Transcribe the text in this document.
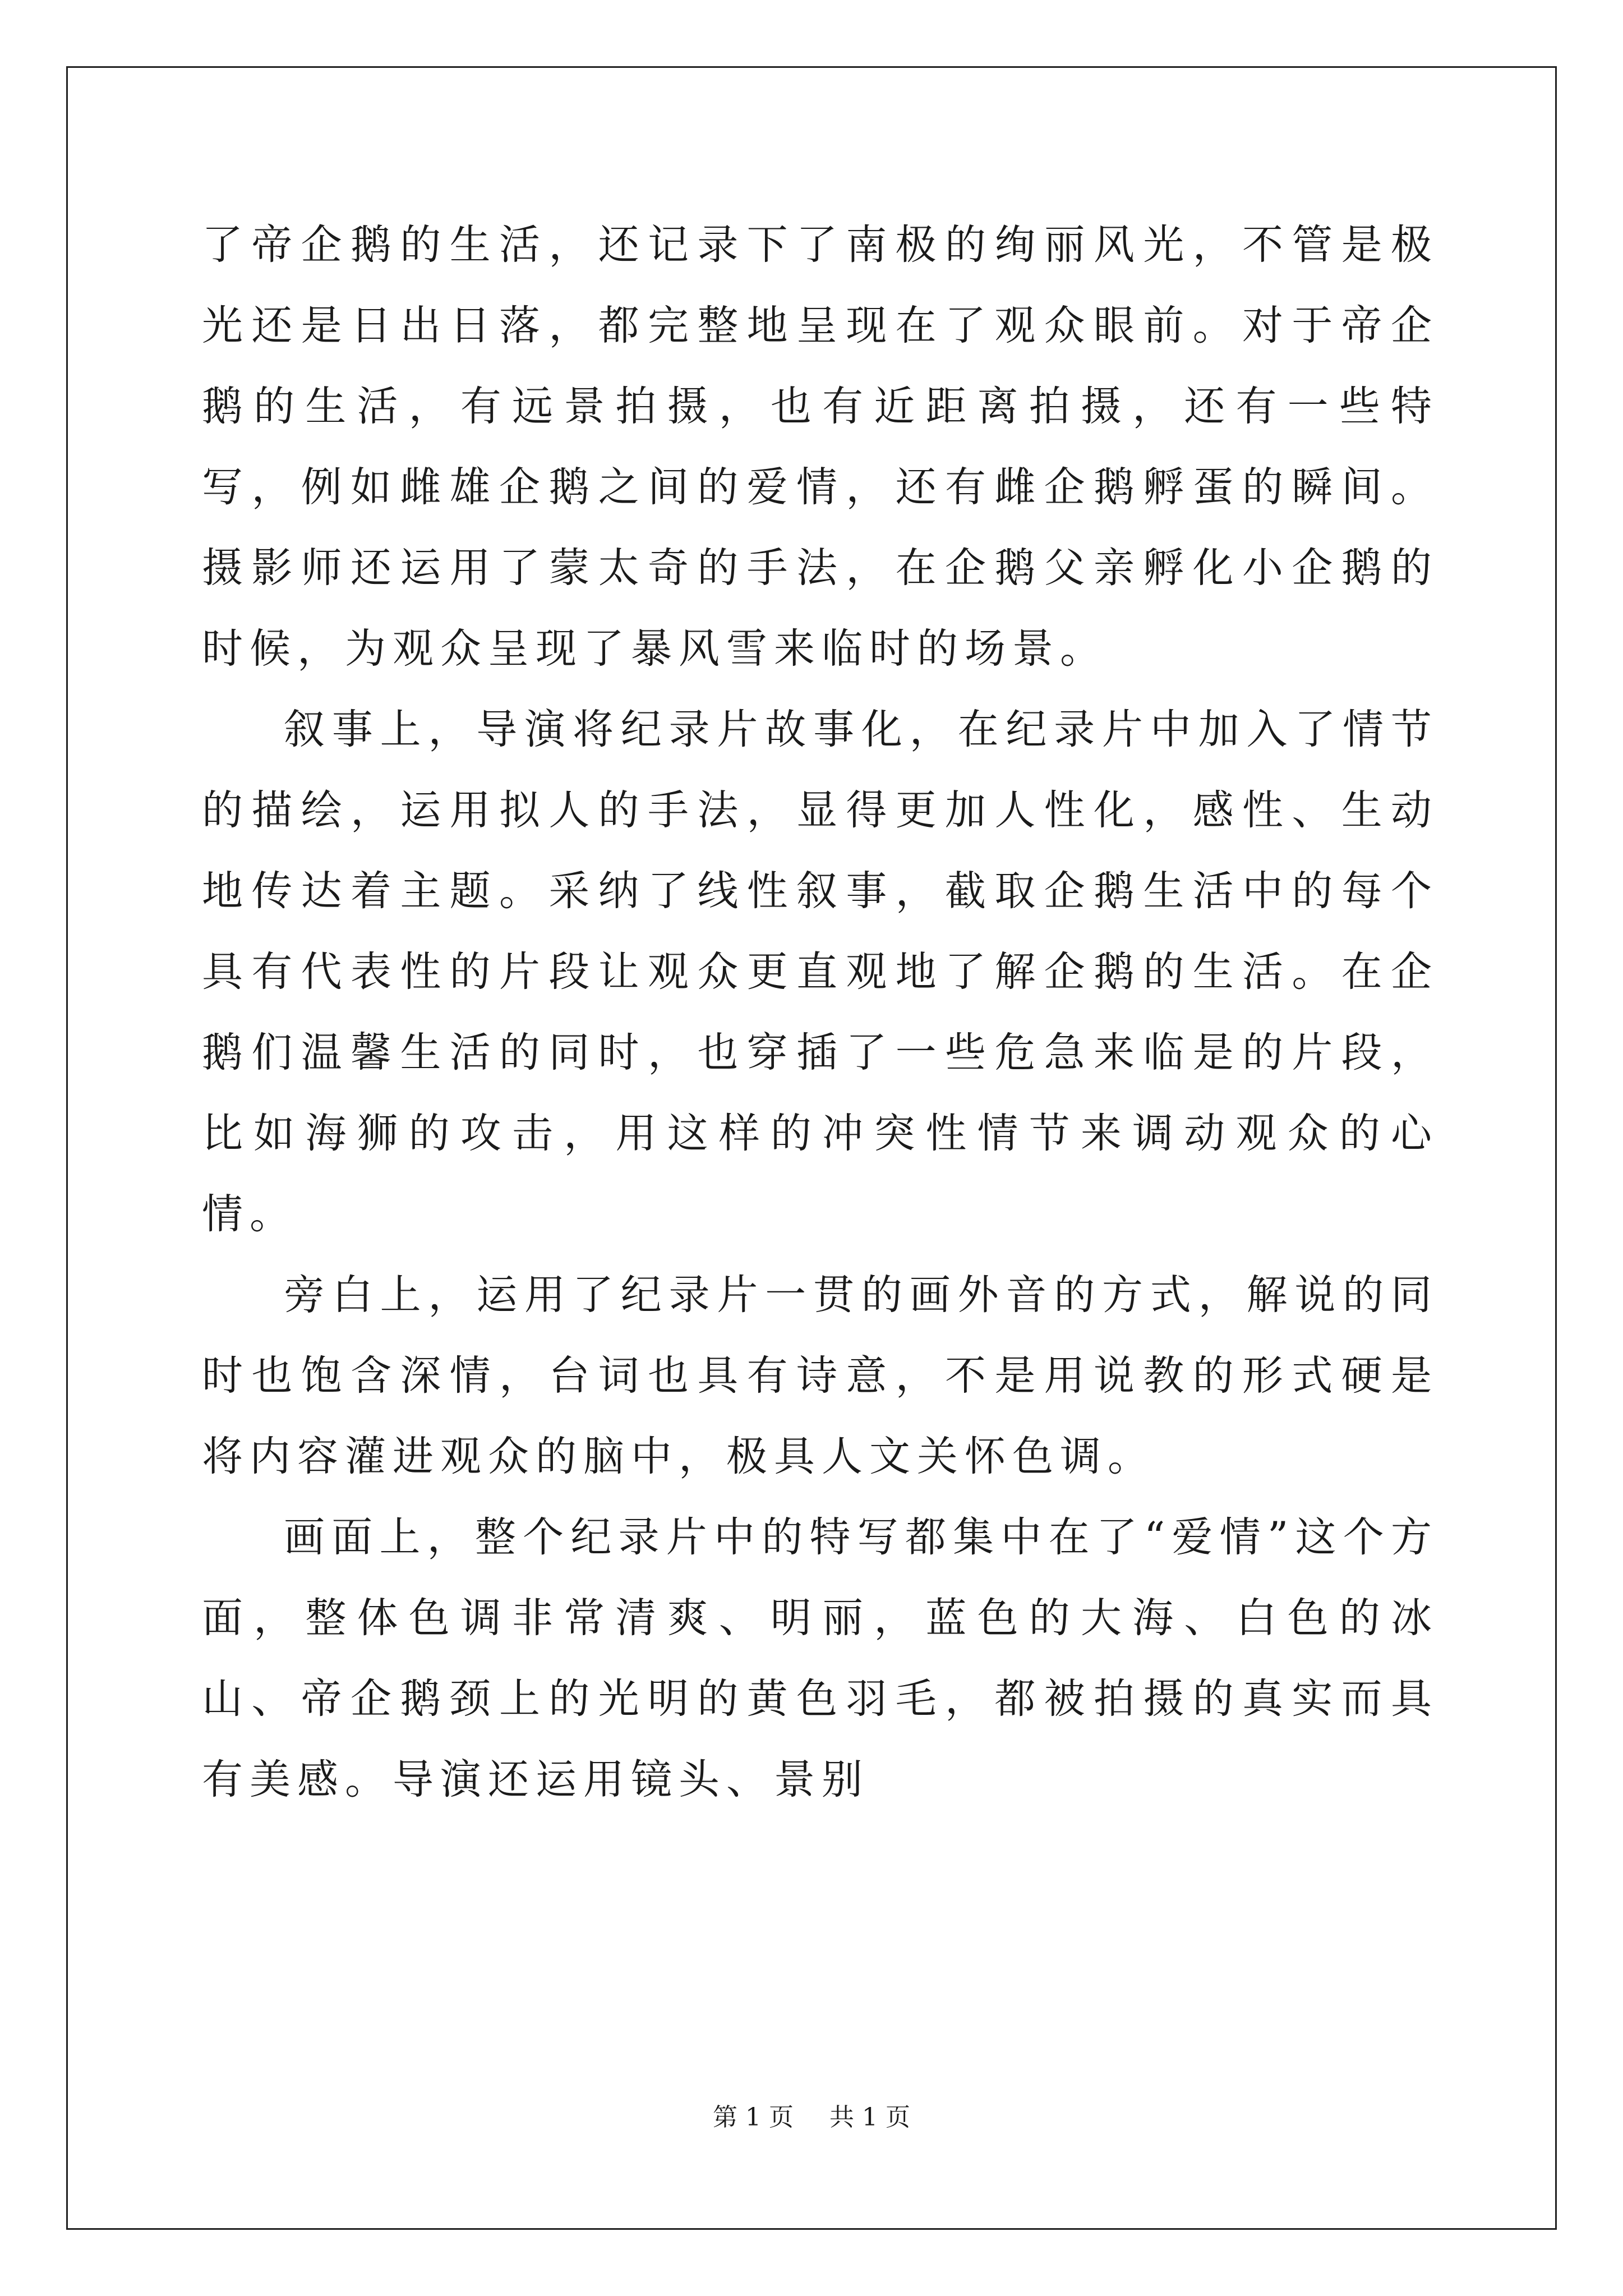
了帝企鹅的生活，还记录下了南极的绚丽风光，不管是极光还是日出日落，都完整地呈现在了观众眼前。对于帝企鹅的生活，有远景拍摄，也有近距离拍摄，还有一些特写，例如雌雄企鹅之间的爱情，还有雌企鹅孵蛋的瞬间。摄影师还运用了蒙太奇的手法，在企鹅父亲孵化小企鹅的时候，为观众呈现了暴风雪来临时的场景。

叙事上，导演将纪录片故事化，在纪录片中加入了情节的描绘，运用拟人的手法，显得更加人性化，感性、生动地传达着主题。采纳了线性叙事，截取企鹅生活中的每个具有代表性的片段让观众更直观地了解企鹅的生活。在企鹅们温馨生活的同时，也穿插了一些危急来临是的片段，比如海狮的攻击，用这样的冲突性情节来调动观众的心情。

旁白上，运用了纪录片一贯的画外音的方式，解说的同时也饱含深情，台词也具有诗意，不是用说教的形式硬是将内容灌进观众的脑中，极具人文关怀色调。

画面上，整个纪录片中的特写都集中在了“爱情”这个方面，整体色调非常清爽、明丽，蓝色的大海、白色的冰山、帝企鹅颈上的光明的黄色羽毛，都被拍摄的真实而具有美感。导演还运用镜头、景别

第 1 页 共 1 页
